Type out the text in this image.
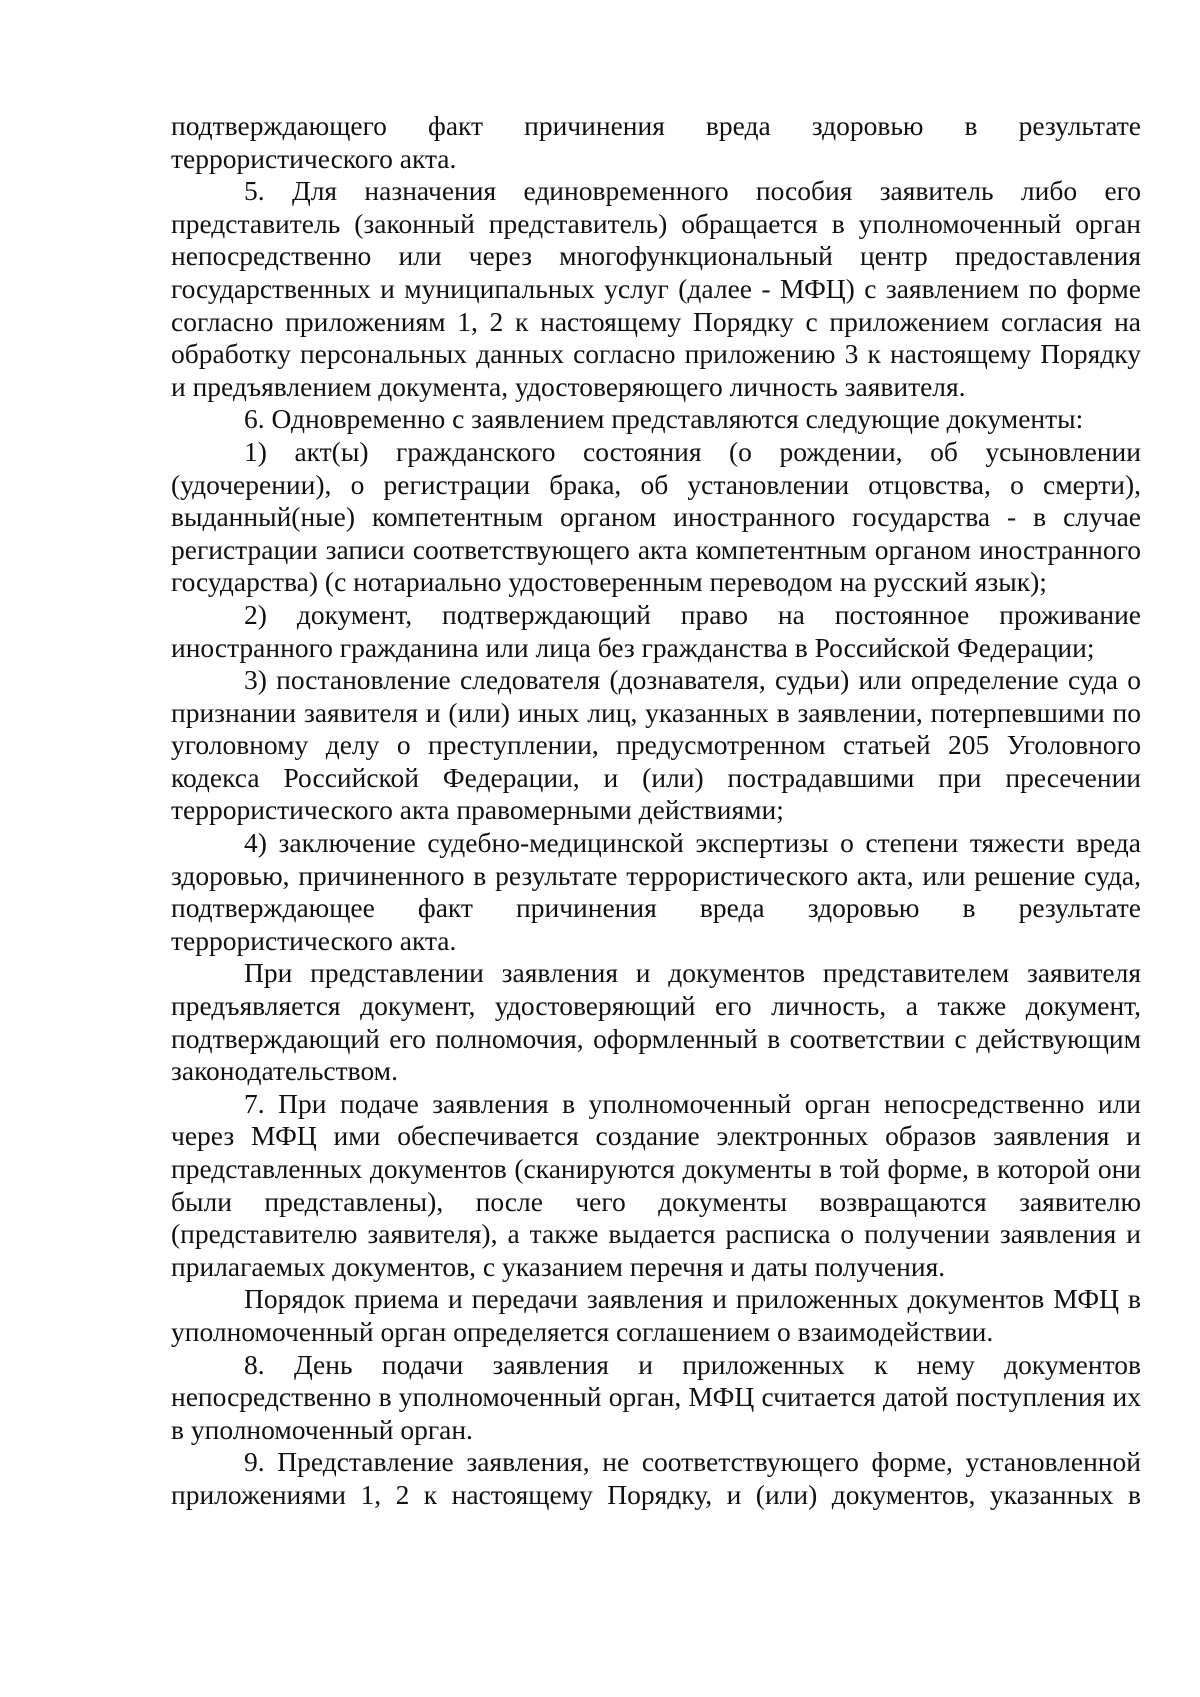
подтверждающего факт причинения вреда здоровью в результате террористического акта.

5. Для назначения единовременного пособия заявитель либо его представитель (законный представитель) обращается в уполномоченный орган непосредственно или через многофункциональный центр предоставления государственных и муниципальных услуг (далее - МФЦ) с заявлением по форме согласно приложениям 1, 2 к настоящему Порядку с приложением согласия на обработку персональных данных согласно приложению 3 к настоящему Порядку и предъявлением документа, удостоверяющего личность заявителя.

6. Одновременно с заявлением представляются следующие документы:

1) акт(ы) гражданского состояния (о рождении, об усыновлении (удочерении), о регистрации брака, об установлении отцовства, о смерти), выданный(ные) компетентным органом иностранного государства - в случае регистрации записи соответствующего акта компетентным органом иностранного государства) (с нотариально удостоверенным переводом на русский язык);

2) документ, подтверждающий право на постоянное проживание иностранного гражданина или лица без гражданства в Российской Федерации;

3) постановление следователя (дознавателя, судьи) или определение суда о признании заявителя и (или) иных лиц, указанных в заявлении, потерпевшими по уголовному делу о преступлении, предусмотренном статьей 205 Уголовного кодекса Российской Федерации, и (или) пострадавшими при пресечении террористического акта правомерными действиями;

4) заключение судебно-медицинской экспертизы о степени тяжести вреда здоровью, причиненного в результате террористического акта, или решение суда, подтверждающее факт причинения вреда здоровью в результате террористического акта.

При представлении заявления и документов представителем заявителя предъявляется документ, удостоверяющий его личность, а также документ, подтверждающий его полномочия, оформленный в соответствии с действующим законодательством.

7. При подаче заявления в уполномоченный орган непосредственно или через МФЦ ими обеспечивается создание электронных образов заявления и представленных документов (сканируются документы в той форме, в которой они были представлены), после чего документы возвращаются заявителю (представителю заявителя), а также выдается расписка о получении заявления и прилагаемых документов, с указанием перечня и даты получения.

Порядок приема и передачи заявления и приложенных документов МФЦ в уполномоченный орган определяется соглашением о взаимодействии.

8. День подачи заявления и приложенных к нему документов непосредственно в уполномоченный орган, МФЦ считается датой поступления их в уполномоченный орган.

9. Представление заявления, не соответствующего форме, установленной приложениями 1, 2 к настоящему Порядку, и (или) документов, указанных в
